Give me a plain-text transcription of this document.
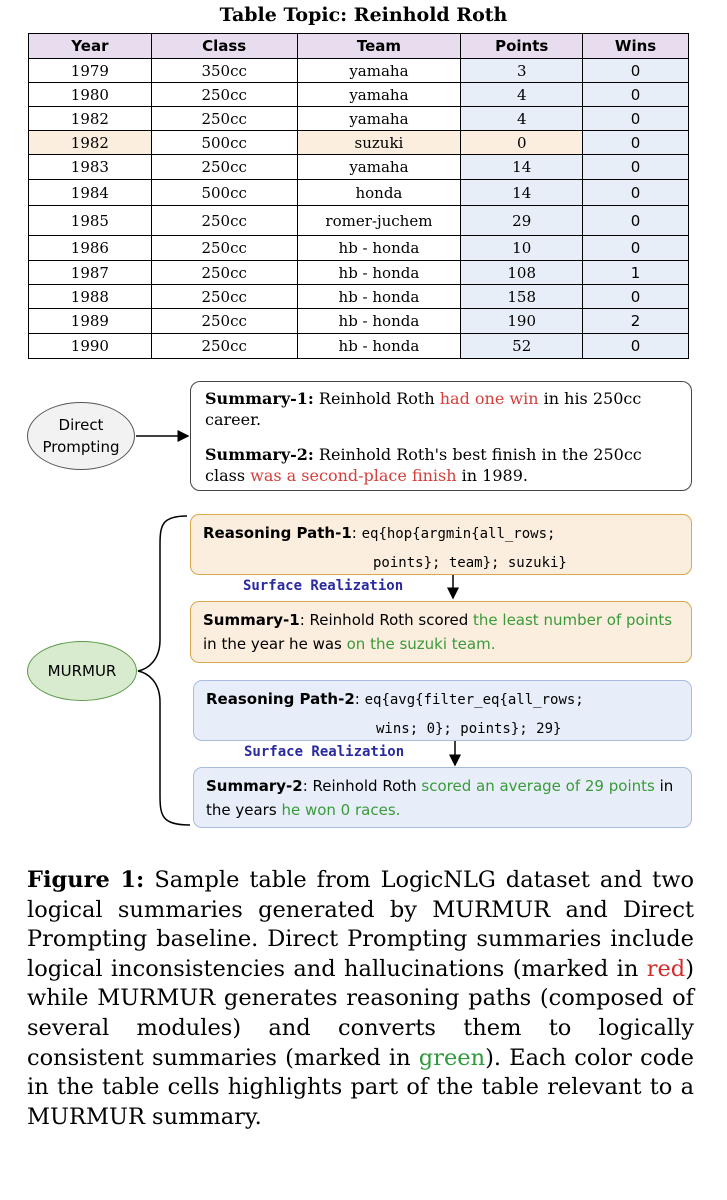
Table Topic: Reinhold Roth
Year	Class	Team	Points	Wins
1979	350cc	yamaha	3	0
1980	250cc	yamaha	4	0
1982	250cc	yamaha	4	0
1982	500cc	suzuki	0	0
1983	250cc	yamaha	14	0
1984	500cc	honda	14	0
1985	250cc	romer-juchem	29	0
1986	250cc	hb - honda	10	0
1987	250cc	hb - honda	108	1
1988	250cc	hb - honda	158	0
1989	250cc	hb - honda	190	2
1990	250cc	hb - honda	52	0
Direct
Prompting

Summary-1: Reinhold Roth had one win in his 250cc career.

Summary-2: Reinhold Roth's best finish in the 250cc class was a second-place finish in 1989.

MURMUR
Reasoning Path-1: eq{hop{argmin{all_rows;
points}; team}; suzuki}
Surface Realization
Summary-1: Reinhold Roth scored the least number of points in the year he was on the suzuki team.
Reasoning Path-2: eq{avg{filter_eq{all_rows;
wins; 0}; points}; 29}
Surface Realization
Summary-2: Reinhold Roth scored an average of 29 points in the years he won 0 races.
Figure 1: Sample table from LogicNLG dataset and two logical summaries generated by MURMUR and Direct Prompting baseline. Direct Prompting summaries include logical inconsistencies and hallucinations (marked in red) while MURMUR generates reasoning paths (composed of several modules) and converts them to logically consistent summaries (marked in green). Each color code in the table cells highlights part of the table relevant to a MURMUR summary.
